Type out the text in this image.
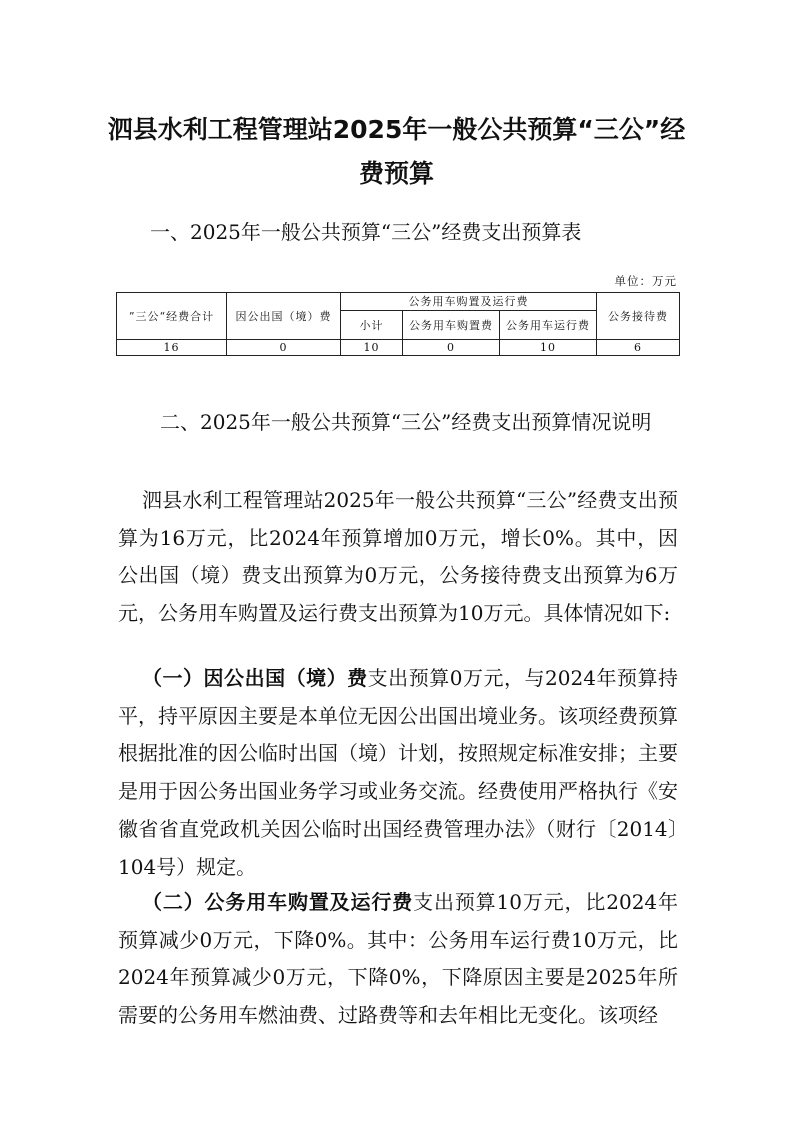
泗县水利工程管理站2025年一般公共预算“三公”经费预算
一、2025年一般公共预算“三公”经费支出预算表
单位：万元
”三公“经费合计	因公出国（境）费	公务用车购置及运行费			公务接待费
		小计	公务用车购置费	公务用车运行费	
16	0	10	0	10	6
二、2025年一般公共预算“三公”经费支出预算情况说明
泗县水利工程管理站2025年一般公共预算“三公”经费支出预算为16万元，比2024年预算增加0万元，增长0%。其中，因公出国（境）费支出预算为0万元，公务接待费支出预算为6万元，公务用车购置及运行费支出预算为10万元。具体情况如下:
（一）因公出国（境）费支出预算0万元，与2024年预算持平，持平原因主要是本单位无因公出国出境业务。该项经费预算根据批准的因公临时出国（境）计划，按照规定标准安排；主要是用于因公务出国业务学习或业务交流。经费使用严格执行《安徽省省直党政机关因公临时出国经费管理办法》（财行〔2014〕104号）规定。
（二）公务用车购置及运行费支出预算10万元，比2024年预算减少0万元，下降0%。其中：公务用车运行费10万元，比2024年预算减少0万元，下降0%，下降原因主要是2025年所需要的公务用车燃油费、过路费等和去年相比无变化。该项经
